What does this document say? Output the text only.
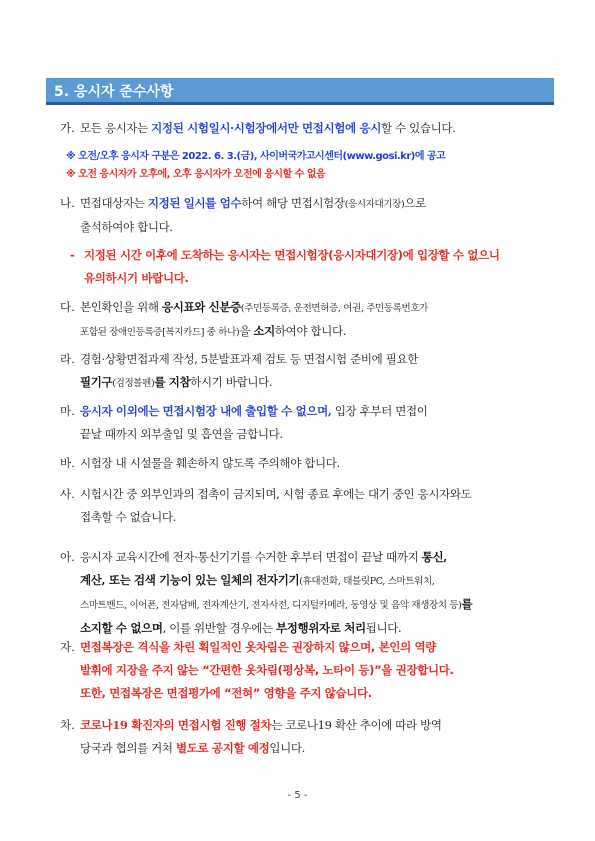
5. 응시자 준수사항
가. 모든 응시자는 지정된 시험일시·시험장에서만 면접시험에 응시할 수 있습니다.
※ 오전/오후 응시자 구분은 2022. 6. 3.(금), 사이버국가고시센터(www.gosi.kr)에 공고
※ 오전 응시자가 오후에, 오후 응시자가 오전에 응시할 수 없음
나. 면접대상자는 지정된 일시를 엄수하여 해당 면접시험장(응시자대기장)으로
출석하여야 합니다.
- 지정된 시간 이후에 도착하는 응시자는 면접시험장(응시자대기장)에 입장할 수 없으니
유의하시기 바랍니다.
다. 본인확인을 위해 응시표와 신분증(주민등록증, 운전면허증, 여권, 주민등록번호가
포함된 장애인등록증[복지카드] 중 하나)을 소지하여야 합니다.
라. 경험·상황면접과제 작성, 5분발표과제 검토 등 면접시험 준비에 필요한
필기구(검정볼펜)를 지참하시기 바랍니다.
마. 응시자 이외에는 면접시험장 내에 출입할 수 없으며, 입장 후부터 면접이
끝날 때까지 외부출입 및 흡연을 금합니다.
바. 시험장 내 시설물을 훼손하지 않도록 주의해야 합니다.
사. 시험시간 중 외부인과의 접촉이 금지되며, 시험 종료 후에는 대기 중인 응시자와도
접촉할 수 없습니다.
아. 응시자 교육시간에 전자·통신기기를 수거한 후부터 면접이 끝날 때까지 통신,
계산, 또는 검색 기능이 있는 일체의 전자기기(휴대전화, 태블릿PC, 스마트워치,
스마트밴드, 이어폰, 전자담배, 전자계산기, 전자사전, 디지털카메라, 동영상 및 음악 재생장치 등)를
소지할 수 없으며, 이를 위반할 경우에는 부정행위자로 처리됩니다.
자. 면접복장은 격식을 차린 획일적인 옷차림은 권장하지 않으며, 본인의 역량
발휘에 지장을 주지 않는 “간편한 옷차림(평상복, 노타이 등)”을 권장합니다.
또한, 면접복장은 면접평가에 “전혀” 영향을 주지 않습니다.
차. 코로나19 확진자의 면접시험 진행 절차는 코로나19 확산 추이에 따라 방역
당국과 협의를 거쳐 별도로 공지할 예정입니다.
- 5 -
